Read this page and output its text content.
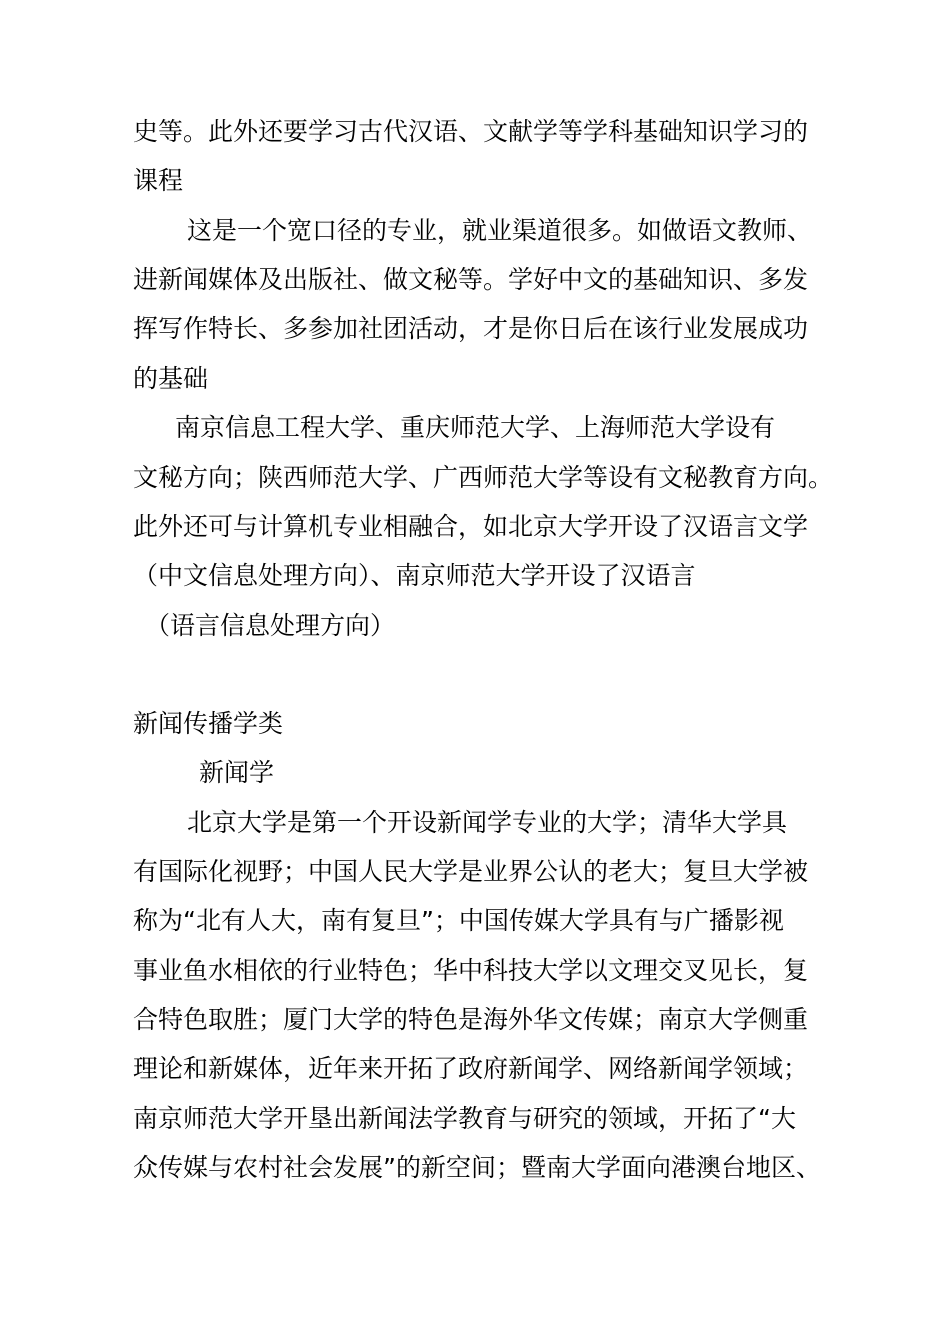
史等。此外还要学习古代汉语、文献学等学科基础知识学习的
课程
这是一个宽口径的专业，就业渠道很多。如做语文教师、
进新闻媒体及出版社、做文秘等。学好中文的基础知识、多发
挥写作特长、多参加社团活动，才是你日后在该行业发展成功
的基础
南京信息工程大学、重庆师范大学、上海师范大学设有
文秘方向；陕西师范大学、广西师范大学等设有文秘教育方向。
此外还可与计算机专业相融合，如北京大学开设了汉语言文学
（中文信息处理方向）、南京师范大学开设了汉语言
（语言信息处理方向）
新闻传播学类
新闻学
北京大学是第一个开设新闻学专业的大学；清华大学具
有国际化视野；中国人民大学是业界公认的老大；复旦大学被
称为“北有人大，南有复旦”；中国传媒大学具有与广播影视
事业鱼水相依的行业特色；华中科技大学以文理交叉见长，复
合特色取胜；厦门大学的特色是海外华文传媒；南京大学侧重
理论和新媒体，近年来开拓了政府新闻学、网络新闻学领域；
南京师范大学开垦出新闻法学教育与研究的领域，开拓了“大
众传媒与农村社会发展”的新空间；暨南大学面向港澳台地区、
